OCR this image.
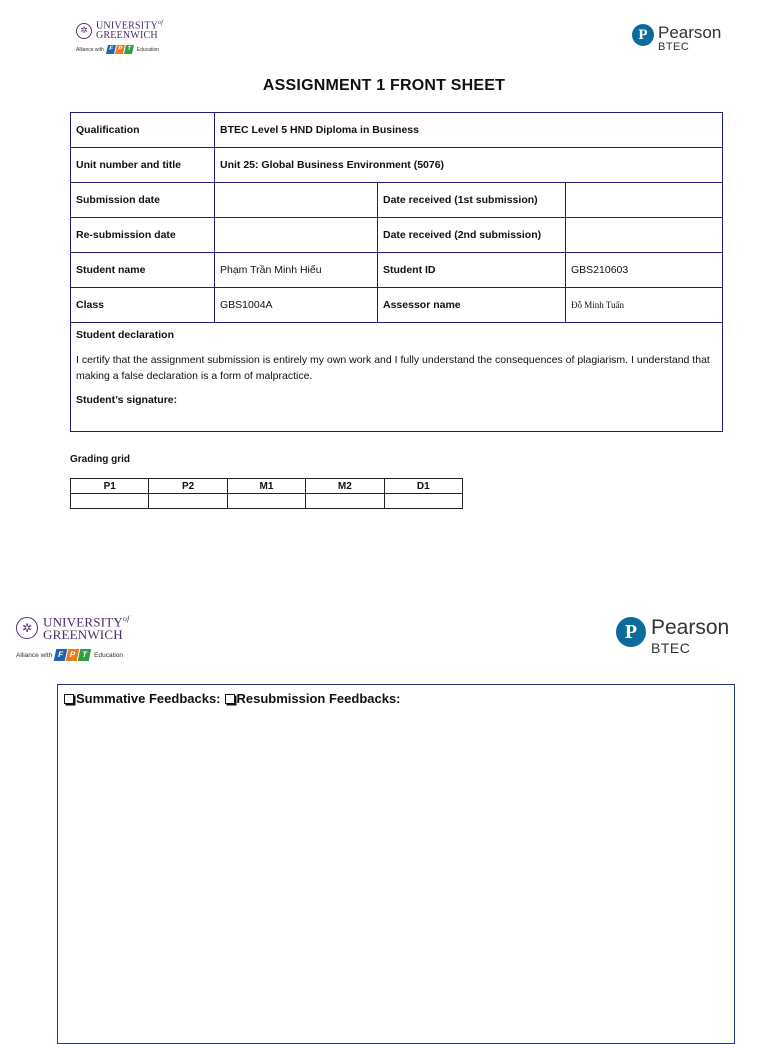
✲ $UNIVERSITY^{of}$
GREENWICH
Alliance with F P T	Education
P Pearson
BTEC
ASSIGNMENT 1 FRONT SHEET
Qualification	BTEC Level 5 HND Diploma in Business		
Unit number and title	Unit 25: Global Business Environment (5076)		
Submission date		Date received (1st submission)	
Re-submission date		Date received (2nd submission)	
Student name	Phạm Trần Minh Hiếu	Student ID	GBS210603
Class	GBS1004A	Assessor name	Đỗ Minh Tuấn

Student declaration
I certify that the assignment submission is entirely my own work and I fully understand the consequences of plagiarism. I understand that making a false declaration is a form of malpractice.
Student’s signature:			
Grading grid
P1	P2	M1	M2	D1

✲ $UNIVERSITY^{of}$
GREENWICH
Alliance with F P T Education
P Pearson
BTEC
Summative Feedbacks: Resubmission Feedbacks:
